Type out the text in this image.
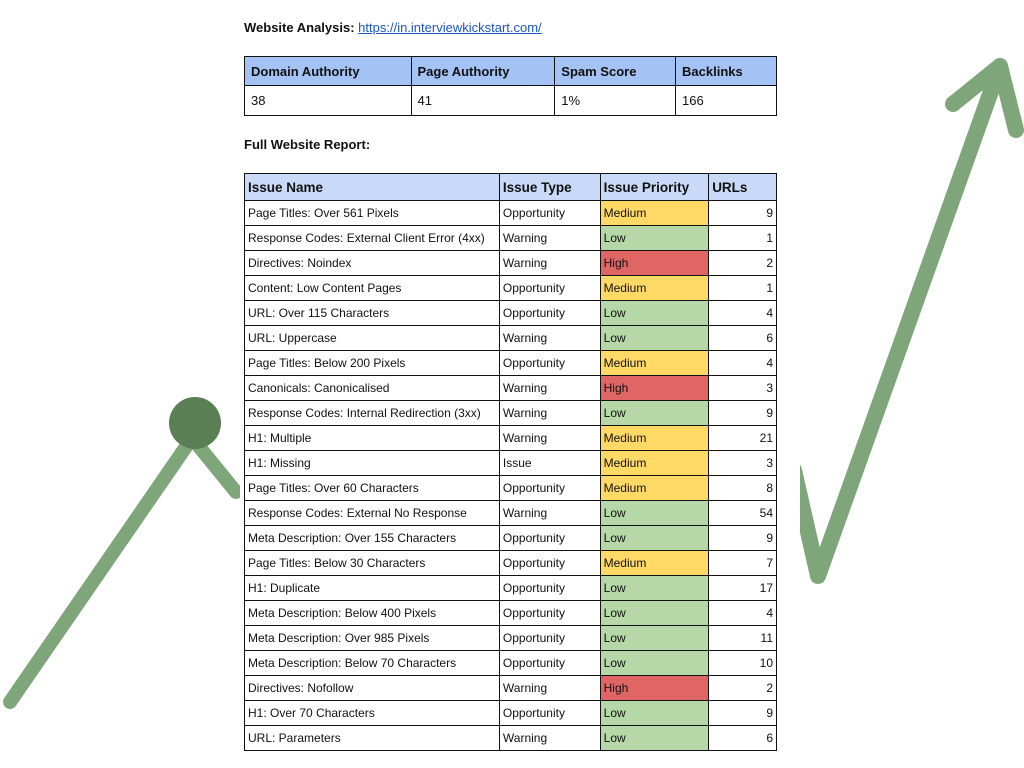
Website Analysis: https://in.interviewkickstart.com/
Domain Authority	Page Authority	Spam Score	Backlinks
38	41	1%	166
Full Website Report:
Issue Name	Issue Type	Issue Priority	URLs
Page Titles: Over 561 Pixels	Opportunity	Medium	9
Response Codes: External Client Error (4xx)	Warning	Low	1
Directives: Noindex	Warning	High	2
Content: Low Content Pages	Opportunity	Medium	1
URL: Over 115 Characters	Opportunity	Low	4
URL: Uppercase	Warning	Low	6
Page Titles: Below 200 Pixels	Opportunity	Medium	4
Canonicals: Canonicalised	Warning	High	3
Response Codes: Internal Redirection (3xx)	Warning	Low	9
H1: Multiple	Warning	Medium	21
H1: Missing	Issue	Medium	3
Page Titles: Over 60 Characters	Opportunity	Medium	8
Response Codes: External No Response	Warning	Low	54
Meta Description: Over 155 Characters	Opportunity	Low	9
Page Titles: Below 30 Characters	Opportunity	Medium	7
H1: Duplicate	Opportunity	Low	17
Meta Description: Below 400 Pixels	Opportunity	Low	4
Meta Description: Over 985 Pixels	Opportunity	Low	11
Meta Description: Below 70 Characters	Opportunity	Low	10
Directives: Nofollow	Warning	High	2
H1: Over 70 Characters	Opportunity	Low	9
URL: Parameters	Warning	Low	6
